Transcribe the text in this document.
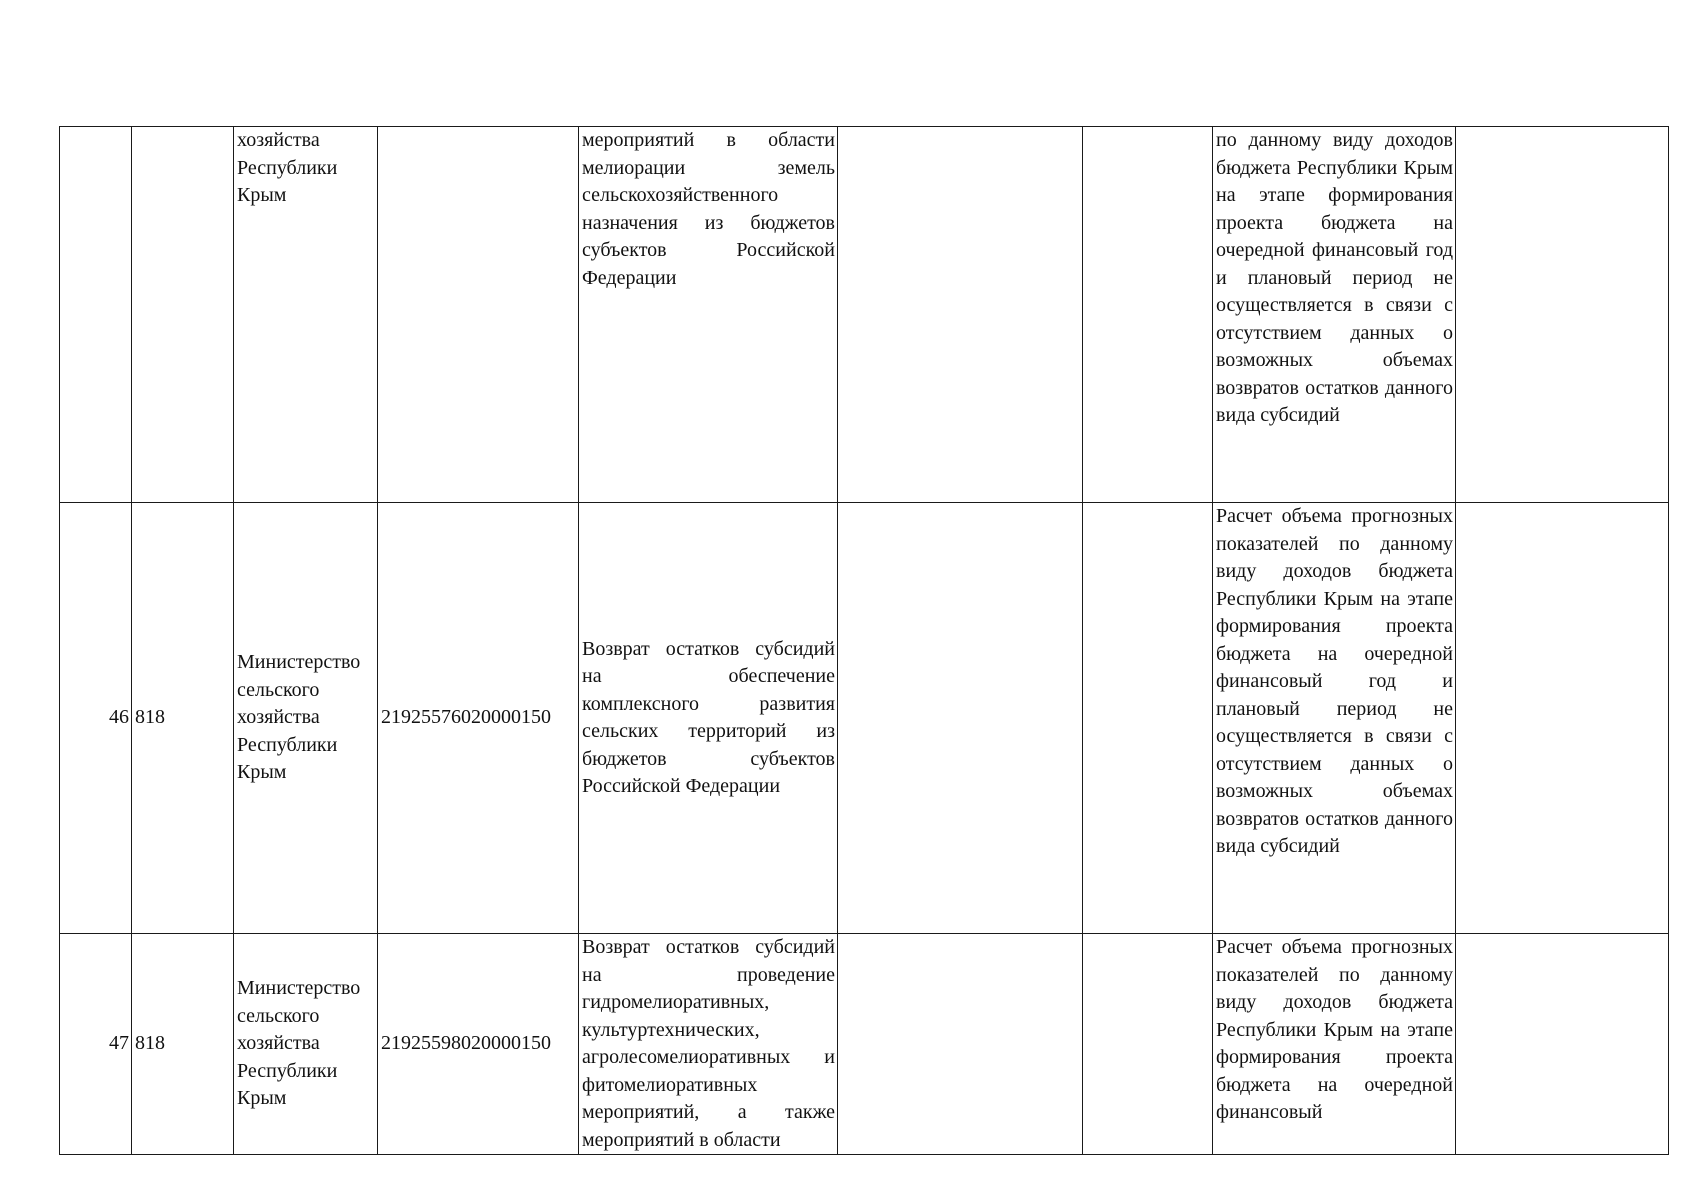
		хозяйства Республики Крым		мероприятий в области мелиорации земель сельскохозяйственного назначения из бюджетов субъектов Российской Федерации			по данному виду доходов бюджета Республики Крым на этапе формирования проекта бюджета на очередной финансовый год и плановый период не осуществляется в связи с отсутствием данных о возможных объемах возвратов остатков данного вида субсидий	
46	818	Министерство сельского хозяйства Республики Крым	21925576020000150	Возврат остатков субсидий на обеспечение комплексного развития сельских территорий из бюджетов субъектов Российской Федерации			Расчет объема прогнозных показателей по данному виду доходов бюджета Республики Крым на этапе формирования проекта бюджета на очередной финансовый год и плановый период не осуществляется в связи с отсутствием данных о возможных объемах возвратов остатков данного вида субсидий	
47	818	Министерство сельского хозяйства Республики Крым	21925598020000150	Возврат остатков субсидий на проведение гидромелиоративных, культуртехнических, агролесомелиоративных и фитомелиоративных мероприятий, а также мероприятий в области			Расчет объема прогнозных показателей по данному виду доходов бюджета Республики Крым на этапе формирования проекта бюджета на очередной финансовый	
